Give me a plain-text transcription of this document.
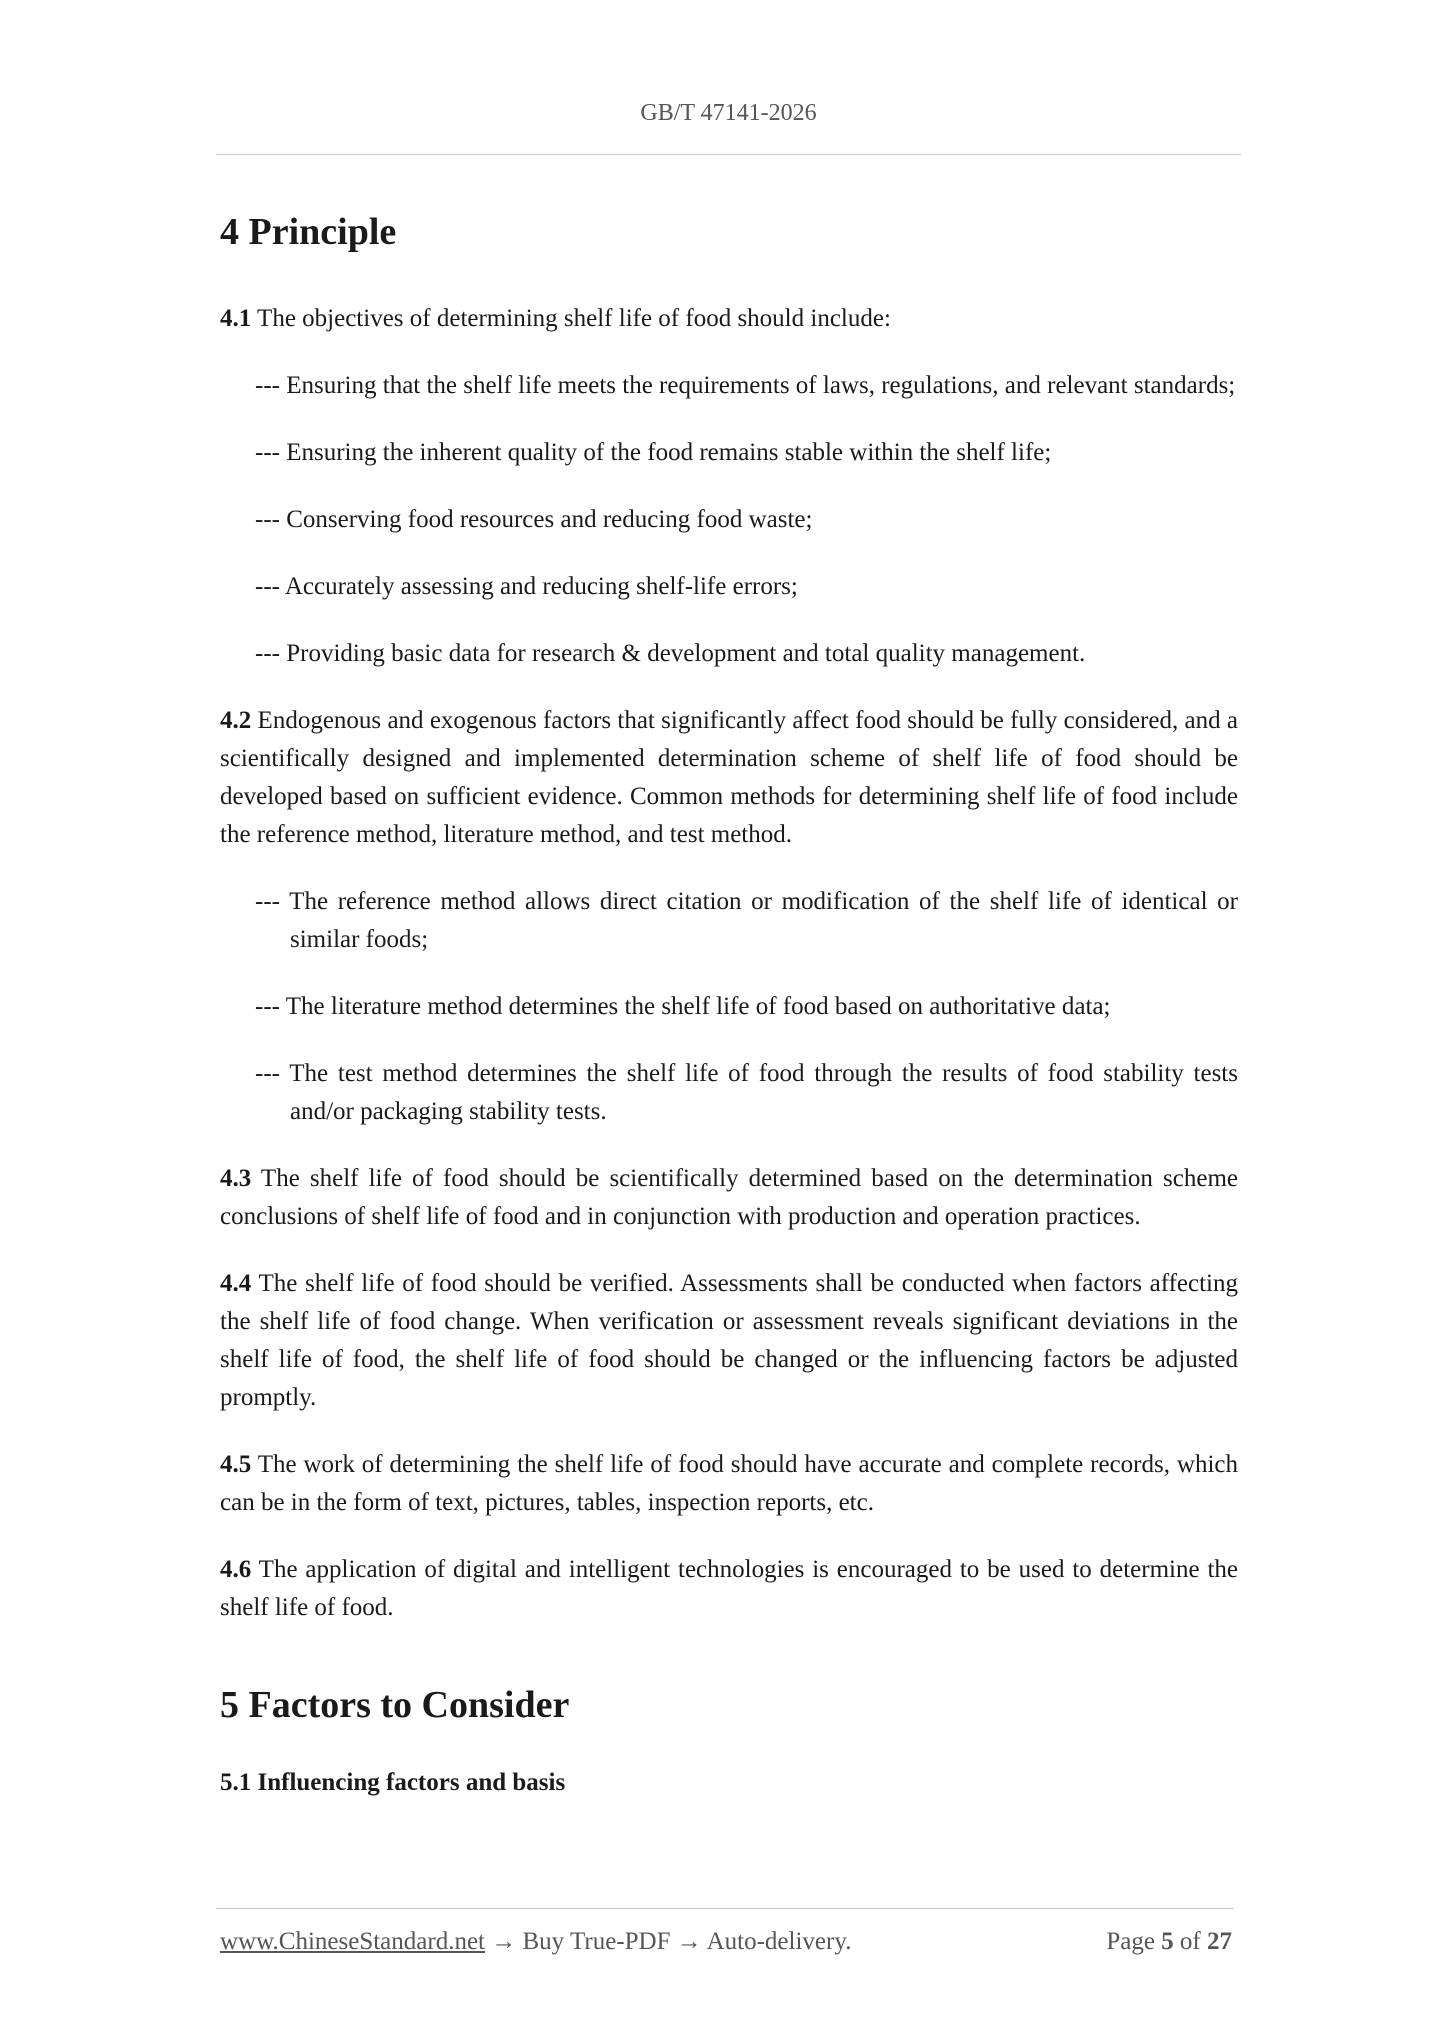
GB/T 47141-2026
4 Principle

4.1 The objectives of determining shelf life of food should include:

--- Ensuring that the shelf life meets the requirements of laws, regulations, and relevant standards;
--- Ensuring the inherent quality of the food remains stable within the shelf life;
--- Conserving food resources and reducing food waste;
--- Accurately assessing and reducing shelf-life errors;
--- Providing basic data for research & development and total quality management.

4.2 Endogenous and exogenous factors that significantly affect food should be fully considered, and a scientifically designed and implemented determination scheme of shelf life of food should be developed based on sufficient evidence. Common methods for determining shelf life of food include the reference method, literature method, and test method.

--- The reference method allows direct citation or modification of the shelf life of identical or similar foods;
--- The literature method determines the shelf life of food based on authoritative data;
--- The test method determines the shelf life of food through the results of food stability tests and/or packaging stability tests.

4.3 The shelf life of food should be scientifically determined based on the determination scheme conclusions of shelf life of food and in conjunction with production and operation practices.

4.4 The shelf life of food should be verified. Assessments shall be conducted when factors affecting the shelf life of food change. When verification or assessment reveals significant deviations in the shelf life of food, the shelf life of food should be changed or the influencing factors be adjusted promptly.

4.5 The work of determining the shelf life of food should have accurate and complete records, which can be in the form of text, pictures, tables, inspection reports, etc.

4.6 The application of digital and intelligent technologies is encouraged to be used to determine the shelf life of food.

5 Factors to Consider
5.1 Influencing factors and basis
www.ChineseStandard.net → Buy True-PDF → Auto-delivery.	Page 5 of 27
